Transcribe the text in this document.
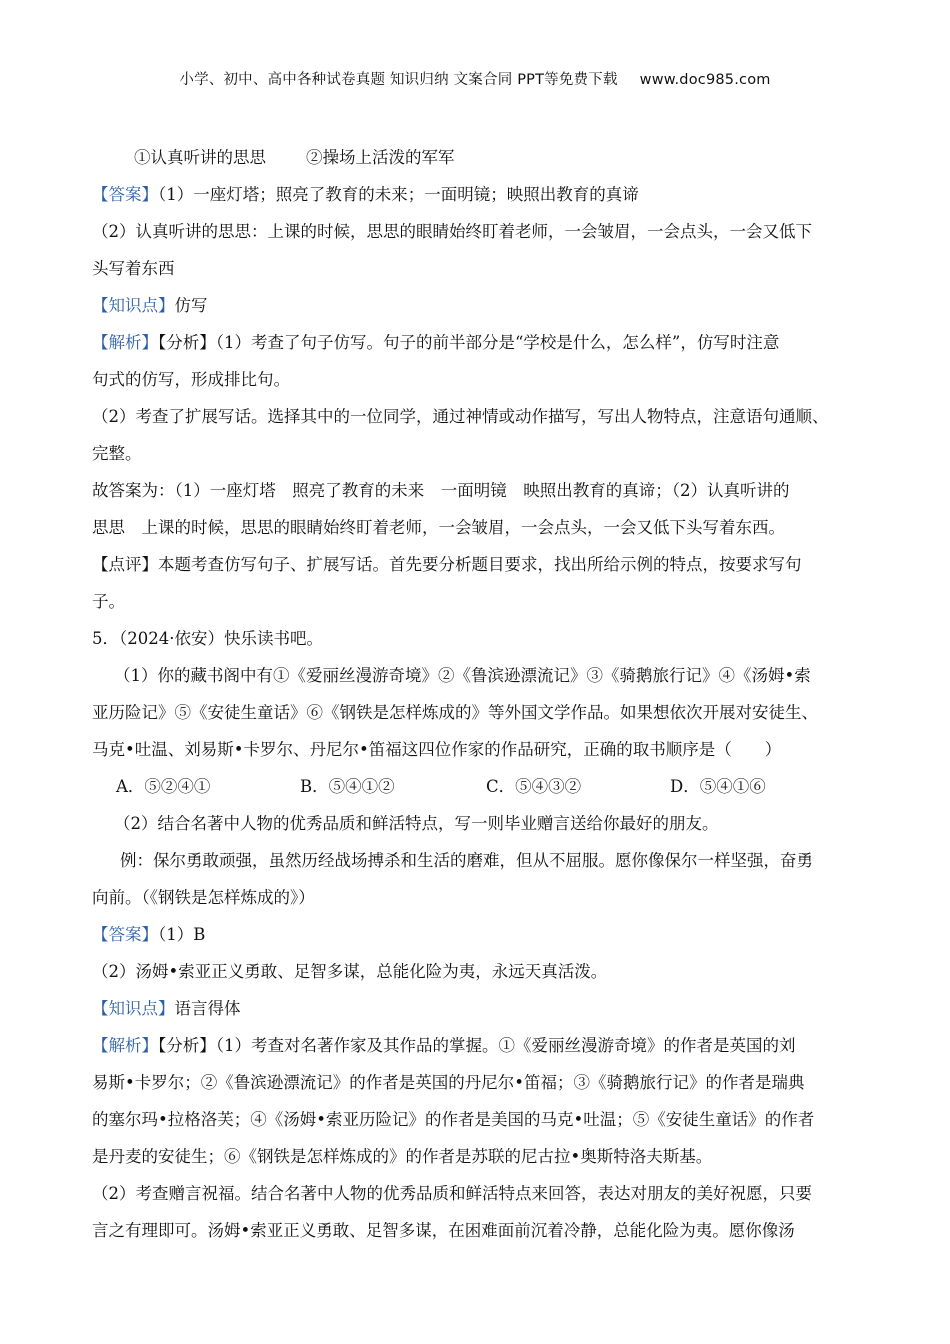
小学、初中、高中各种试卷真题 知识归纳 文案合同 PPT等免费下载 www.doc985.com
①认真听讲的思思 ②操场上活泼的军军
【答案】（1）一座灯塔；照亮了教育的未来；一面明镜；映照出教育的真谛
（2）认真听讲的思思：上课的时候，思思的眼睛始终盯着老师，一会皱眉，一会点头，一会又低下
头写着东西
【知识点】仿写
【解析】【分析】（1）考查了句子仿写。句子的前半部分是“学校是什么，怎么样”，仿写时注意
句式的仿写，形成排比句。
（2）考查了扩展写话。选择其中的一位同学，通过神情或动作描写，写出人物特点，注意语句通顺、
完整。
故答案为：（1）一座灯塔　照亮了教育的未来　一面明镜　映照出教育的真谛；（2）认真听讲的
思思　上课的时候，思思的眼睛始终盯着老师，一会皱眉，一会点头，一会又低下头写着东西。
【点评】本题考查仿写句子、扩展写话。首先要分析题目要求，找出所给示例的特点，按要求写句
子。
5．（2024·依安）快乐读书吧。
（1）你的藏书阁中有①《爱丽丝漫游奇境》②《鲁滨逊漂流记》③《骑鹅旅行记》④《汤姆•索
亚历险记》⑤《安徒生童话》⑥《钢铁是怎样炼成的》等外国文学作品。如果想依次开展对安徒生、
马克•吐温、刘易斯•卡罗尔、丹尼尔•笛福这四位作家的作品研究，正确的取书顺序是（　　）
A．⑤②④①	B．⑤④①②	C．⑤④③②	D．⑤④①⑥
（2）结合名著中人物的优秀品质和鲜活特点，写一则毕业赠言送给你最好的朋友。
例：保尔勇敢顽强，虽然历经战场搏杀和生活的磨难，但从不屈服。愿你像保尔一样坚强，奋勇
向前。（《钢铁是怎样炼成的》）
【答案】（1）B
（2）汤姆•索亚正义勇敢、足智多谋，总能化险为夷，永远天真活泼。
【知识点】语言得体
【解析】【分析】（1）考查对名著作家及其作品的掌握。①《爱丽丝漫游奇境》的作者是英国的刘
易斯•卡罗尔；②《鲁滨逊漂流记》的作者是英国的丹尼尔•笛福；③《骑鹅旅行记》的作者是瑞典
的塞尔玛•拉格洛芙；④《汤姆•索亚历险记》的作者是美国的马克•吐温；⑤《安徒生童话》的作者
是丹麦的安徒生；⑥《钢铁是怎样炼成的》的作者是苏联的尼古拉•奥斯特洛夫斯基。
（2）考查赠言祝福。结合名著中人物的优秀品质和鲜活特点来回答，表达对朋友的美好祝愿，只要
言之有理即可。汤姆•索亚正义勇敢、足智多谋，在困难面前沉着冷静，总能化险为夷。愿你像汤
